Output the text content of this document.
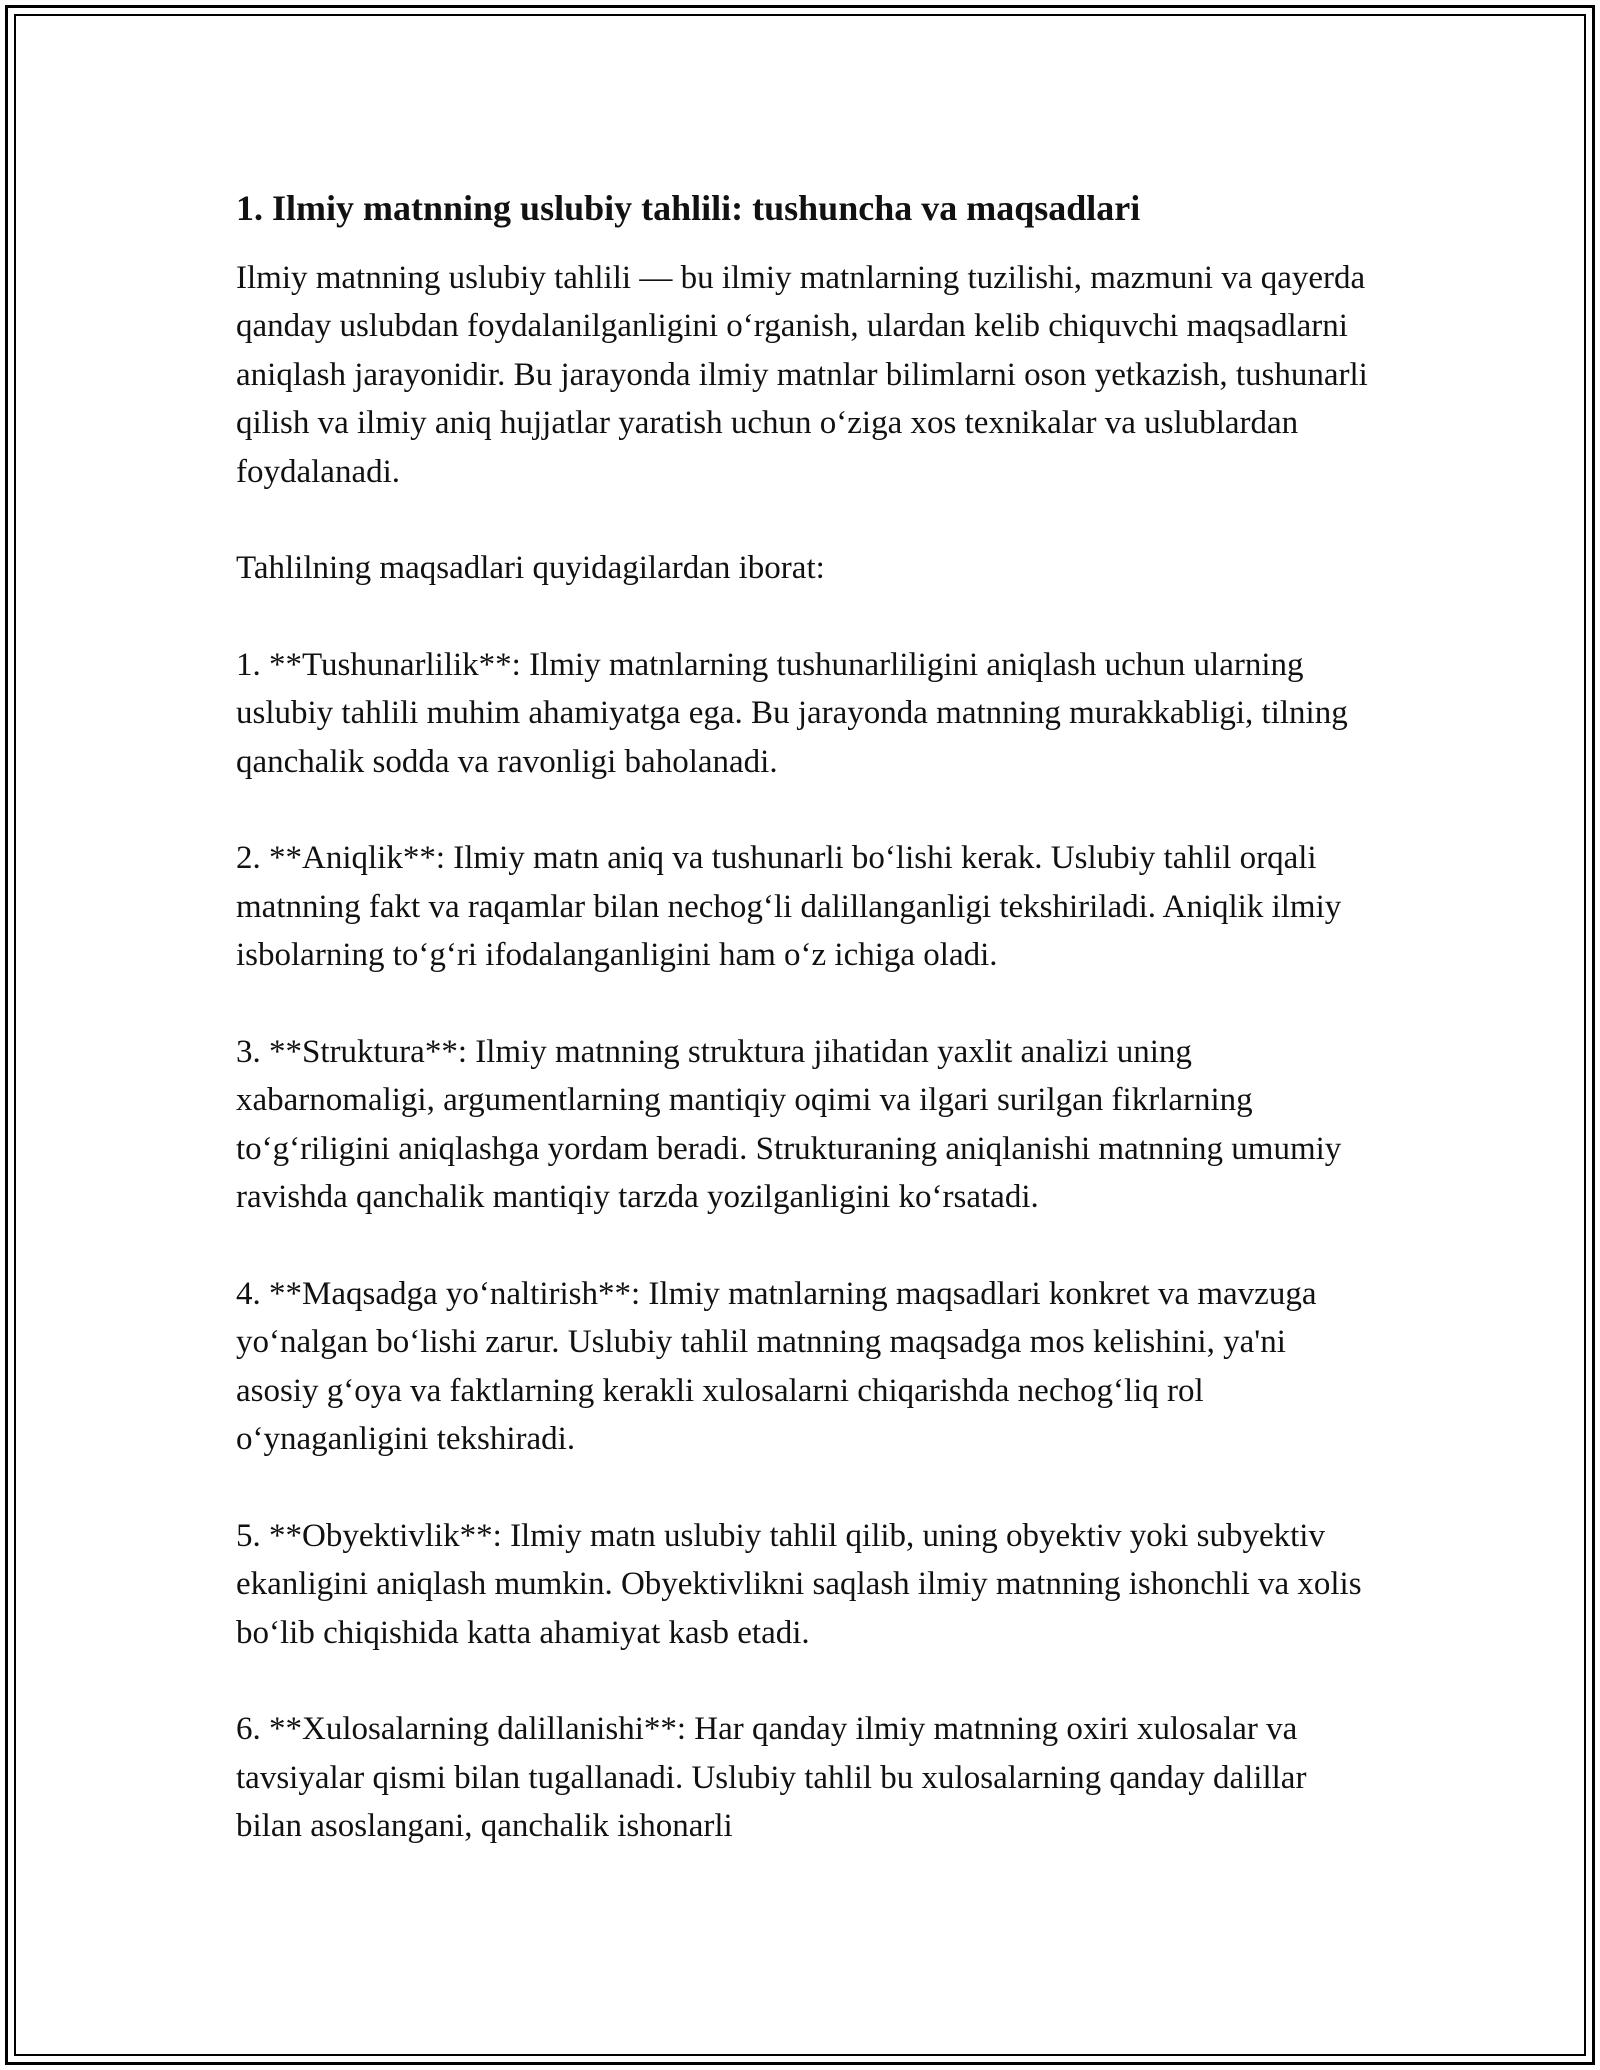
1. Ilmiy matnning uslubiy tahlili: tushuncha va maqsadlari

Ilmiy matnning uslubiy tahlili — bu ilmiy matnlarning tuzilishi, mazmuni va qayerda qanday uslubdan foydalanilganligini oʻrganish, ulardan kelib chiquvchi maqsadlarni aniqlash jarayonidir. Bu jarayonda ilmiy matnlar bilimlarni oson yetkazish, tushunarli qilish va ilmiy aniq hujjatlar yaratish uchun oʻziga xos texnikalar va uslublardan foydalanadi.

Tahlilning maqsadlari quyidagilardan iborat:

1. **Tushunarlilik**: Ilmiy matnlarning tushunarliligini aniqlash uchun ularning uslubiy tahlili muhim ahamiyatga ega. Bu jarayonda matnning murakkabligi, tilning qanchalik sodda va ravonligi baholanadi.

2. **Aniqlik**: Ilmiy matn aniq va tushunarli boʻlishi kerak. Uslubiy tahlil orqali matnning fakt va raqamlar bilan nechogʻli dalillanganligi tekshiriladi. Aniqlik ilmiy isbolarning toʻgʻri ifodalanganligini ham oʻz ichiga oladi.

3. **Struktura**: Ilmiy matnning struktura jihatidan yaxlit analizi uning xabarnomaligi, argumentlarning mantiqiy oqimi va ilgari surilgan fikrlarning toʻgʻriligini aniqlashga yordam beradi. Strukturaning aniqlanishi matnning umumiy ravishda qanchalik mantiqiy tarzda yozilganligini koʻrsatadi.

4. **Maqsadga yoʻnaltirish**: Ilmiy matnlarning maqsadlari konkret va mavzuga yoʻnalgan boʻlishi zarur. Uslubiy tahlil matnning maqsadga mos kelishini, ya'ni asosiy gʻoya va faktlarning kerakli xulosalarni chiqarishda nechogʻliq rol oʻynaganligini tekshiradi.

5. **Obyektivlik**: Ilmiy matn uslubiy tahlil qilib, uning obyektiv yoki subyektiv ekanligini aniqlash mumkin. Obyektivlikni saqlash ilmiy matnning ishonchli va xolis boʻlib chiqishida katta ahamiyat kasb etadi.

6. **Xulosalarning dalillanishi**: Har qanday ilmiy matnning oxiri xulosalar va tavsiyalar qismi bilan tugallanadi. Uslubiy tahlil bu xulosalarning qanday dalillar bilan asoslangani, qanchalik ishonarli
